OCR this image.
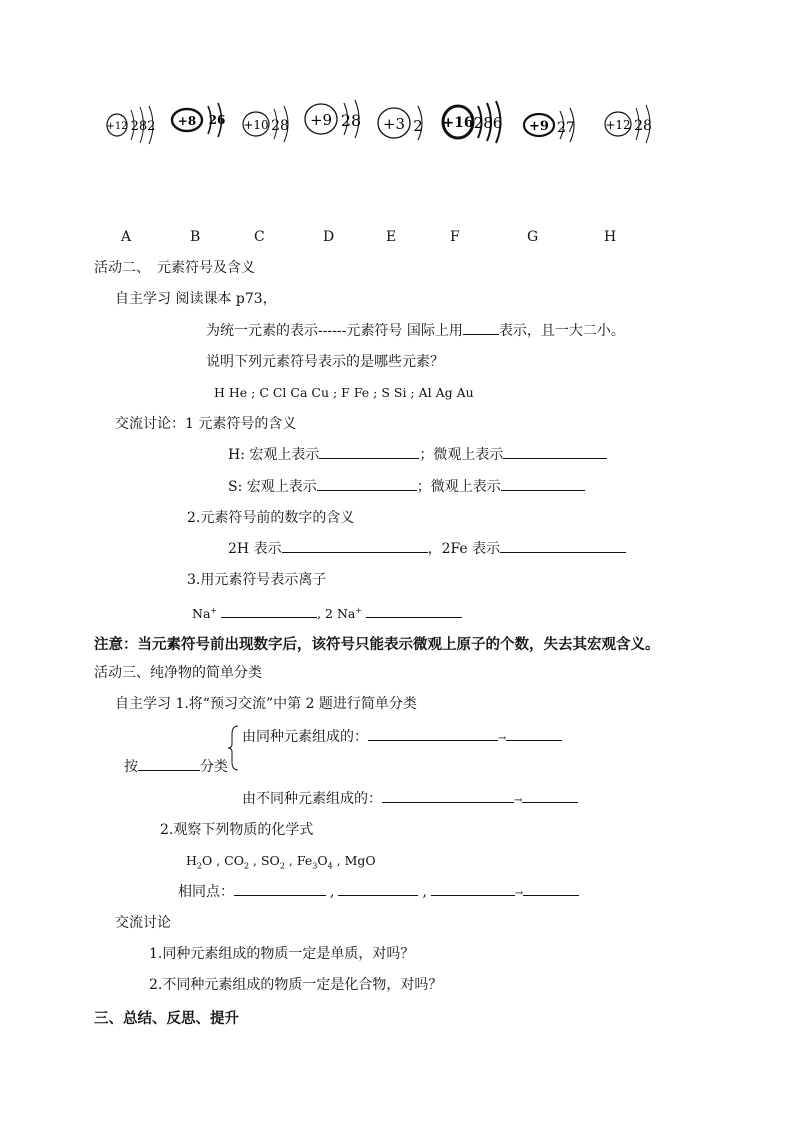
+12 282 +8 26 +10 28 +9 28 +3 2 +16 286 +9 27	+12 28
A	B	C	D	E	F	G	H
活动二、　元素符号及含义
自主学习 阅读课本 p73，
为统一元素的表示------元素符号 国际上用	表示，且一大二小。
说明下列元素符号表示的是哪些元素？
H He ; C Cl Ca Cu ; F Fe ; S Si ; Al Ag Au
交流讨论：1 元素符号的含义
H: 宏观上表示	；微观上表示
S: 宏观上表示	；微观上表示
2.元素符号前的数字的含义
2H 表示	，2Fe 表示
3.用元素符号表示离子
Na+	, 2 Na+
注意：当元素符号前出现数字后，该符号只能表示微观上原子的个数，失去其宏观含义。
活动三、纯净物的简单分类
自主学习 1.将“预习交流”中第 2 题进行简单分类
由同种元素组成的：	→
按	分类
由不同种元素组成的：	→
2.观察下列物质的化学式
$H_2O$ , $CO_2$ , $SO_2$ , $Fe_3O_4$ , MgO
相同点：	,	,	→
交流讨论
1.同种元素组成的物质一定是单质，对吗？
2.不同种元素组成的物质一定是化合物，对吗？
三、总结、反思、提升
